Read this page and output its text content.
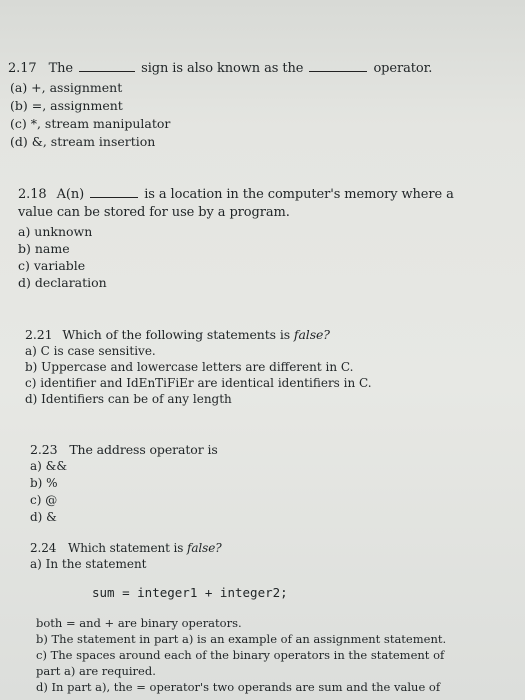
2.17 The	sign is also known as the	operator.
(a) +, assignment
(b) =, assignment
(c) *, stream manipulator
(d) &, stream insertion
2.18 A(n)	is a location in the computer's memory where a
value can be stored for use by a program.
a) unknown
b) name
c) variable
d) declaration
2.21 Which of the following statements is false?
a) C is case sensitive.
b) Uppercase and lowercase letters are different in C.
c) identifier and IdEnTiFiEr are identical identifiers in C.
d) Identifiers can be of any length
2.23 The address operator is
a) &&
b) %
c) @
d) &
2.24 Which statement is false?
a) In the statement
sum = integer1 + integer2;
both = and + are binary operators.
b) The statement in part a) is an example of an assignment statement.
c) The spaces around each of the binary operators in the statement of
part a) are required.
d) In part a), the = operator's two operands are sum and the value of
